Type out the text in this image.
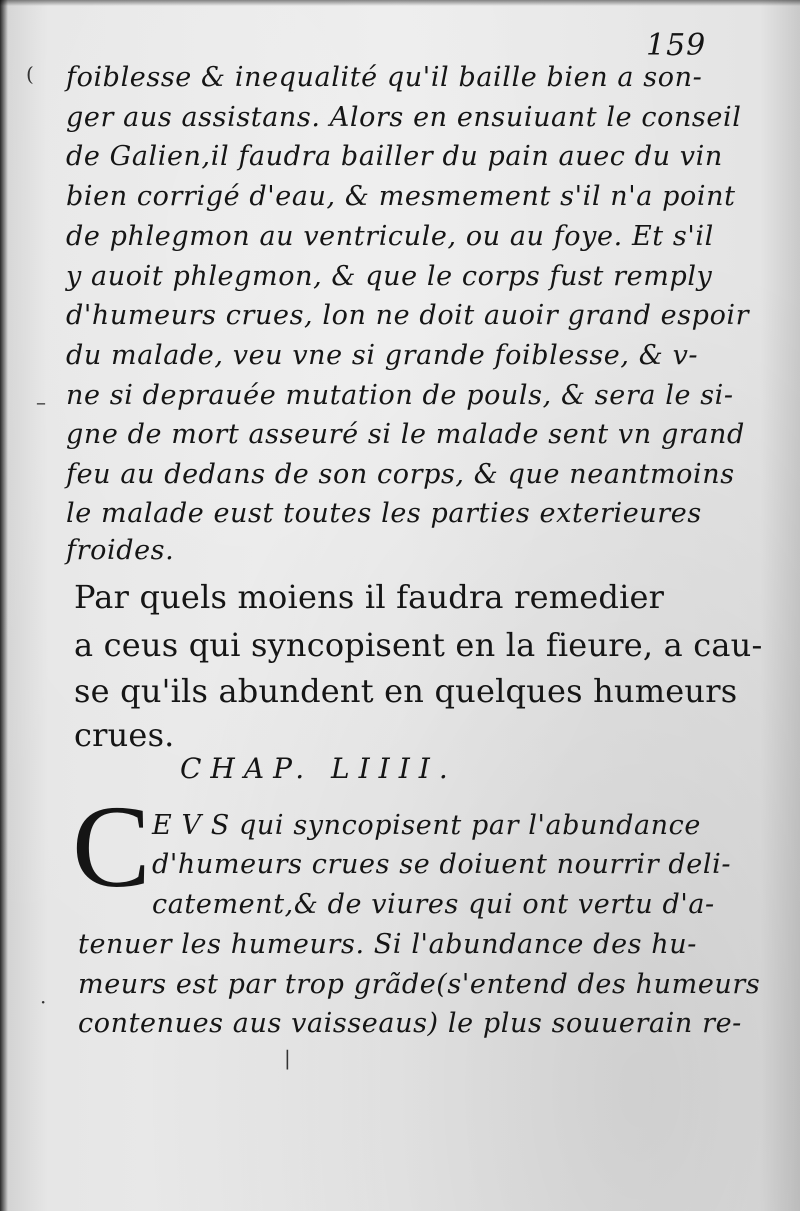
159
foiblesse & inequalité qu'il baille bien a son-
ger aus assistans. Alors en ensuiuant le conseil
de Galien,il faudra bailler du pain auec du vin
bien corrigé d'eau, & mesmement s'il n'a point
de phlegmon au ventricule, ou au foye. Et s'il
y auoit phlegmon, & que le corps fust remply
d'humeurs crues, lon ne doit auoir grand espoir
du malade, veu vne si grande foiblesse, & v-
ne si deprauée mutation de pouls, & sera le si-
gne de mort asseuré si le malade sent vn grand
feu au dedans de son corps, & que neantmoins
le malade eust toutes les parties exterieures
froides.
Par quels moiens il faudra remedier
a ceus qui syncopisent en la fieure, a cau-
se qu'ils abundent en quelques humeurs
crues.
CHAP. LIIII.
C E V S qui syncopisent par l'abundance
d'humeurs crues se doiuent nourrir deli-
catement,& de viures qui ont vertu d'a-
tenuer les humeurs. Si l'abundance des hu-
meurs est par trop grãde(s'entend des humeurs
contenues aus vaisseaus) le plus souuerain re-
(
–
·
|
